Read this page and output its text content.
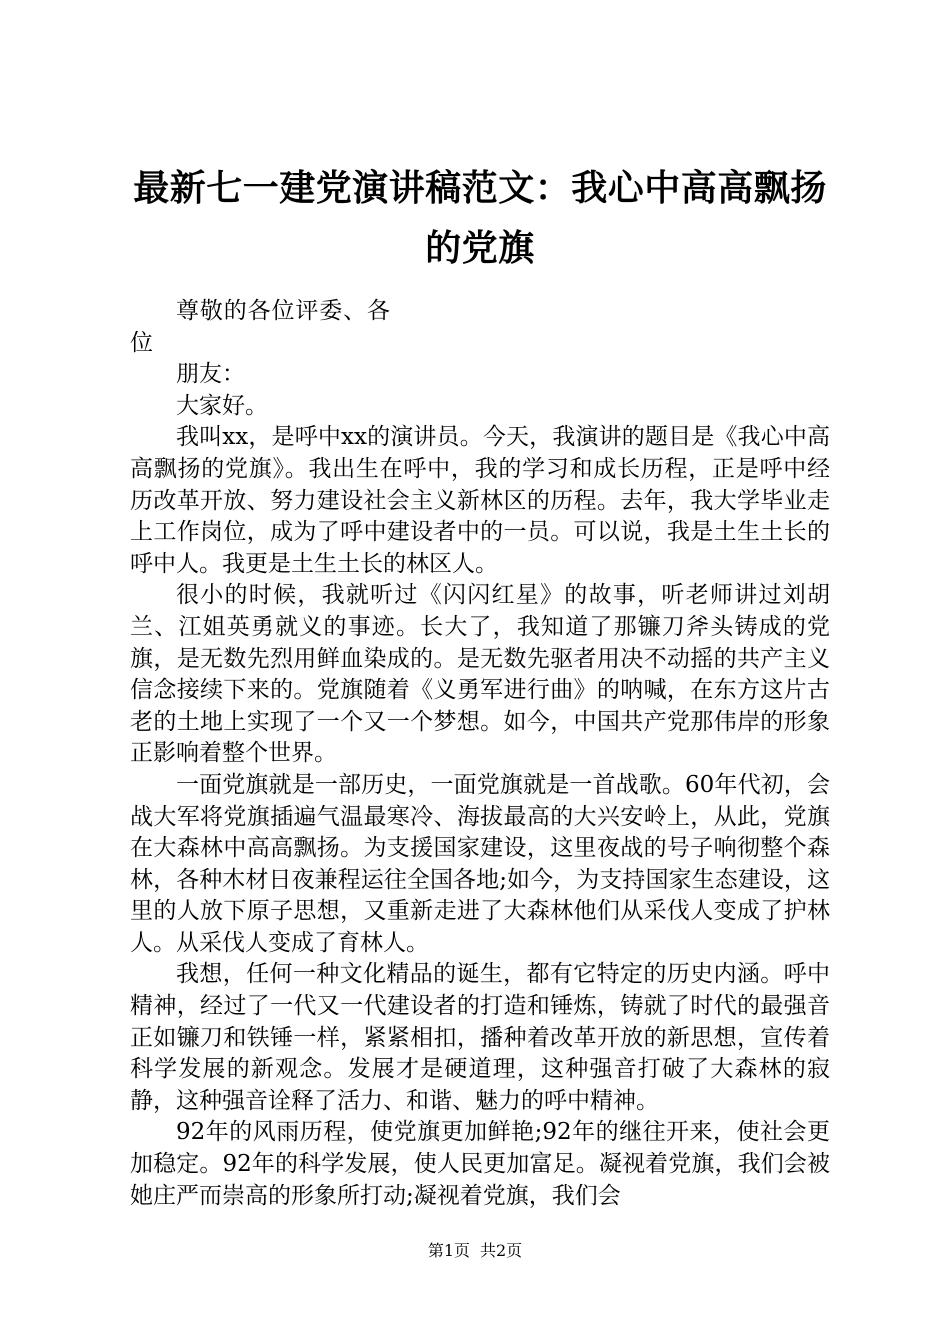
最新七一建党演讲稿范文：我心中高高飘扬的党旗

尊敬的各位评委、各位

朋友：

大家好。

我叫xx，是呼中xx的演讲员。今天，我演讲的题目是《我心中高高飘扬的党旗》。我出生在呼中，我的学习和成长历程，正是呼中经历改革开放、努力建设社会主义新林区的历程。去年，我大学毕业走上工作岗位，成为了呼中建设者中的一员。可以说，我是土生土长的呼中人。我更是土生土长的林区人。

很小的时候，我就听过《闪闪红星》的故事，听老师讲过刘胡兰、江姐英勇就义的事迹。长大了，我知道了那镰刀斧头铸成的党旗，是无数先烈用鲜血染成的。是无数先驱者用决不动摇的共产主义信念接续下来的。党旗随着《义勇军进行曲》的呐喊，在东方这片古老的土地上实现了一个又一个梦想。如今，中国共产党那伟岸的形象正影响着整个世界。

一面党旗就是一部历史，一面党旗就是一首战歌。60年代初，会战大军将党旗插遍气温最寒冷、海拔最高的大兴安岭上，从此，党旗在大森林中高高飘扬。为支援国家建设，这里夜战的号子响彻整个森林，各种木材日夜兼程运往全国各地;如今，为支持国家生态建设，这里的人放下原子思想，又重新走进了大森林他们从采伐人变成了护林人。从采伐人变成了育林人。

我想，任何一种文化精品的诞生，都有它特定的历史内涵。呼中精神，经过了一代又一代建设者的打造和锤炼，铸就了时代的最强音正如镰刀和铁锤一样，紧紧相扣，播种着改革开放的新思想，宣传着科学发展的新观念。发展才是硬道理，这种强音打破了大森林的寂静，这种强音诠释了活力、和谐、魅力的呼中精神。

92年的风雨历程，使党旗更加鲜艳;92年的继往开来，使社会更加稳定。92年的科学发展，使人民更加富足。凝视着党旗，我们会被她庄严而崇高的形象所打动;凝视着党旗，我们会

第1页 共2页
